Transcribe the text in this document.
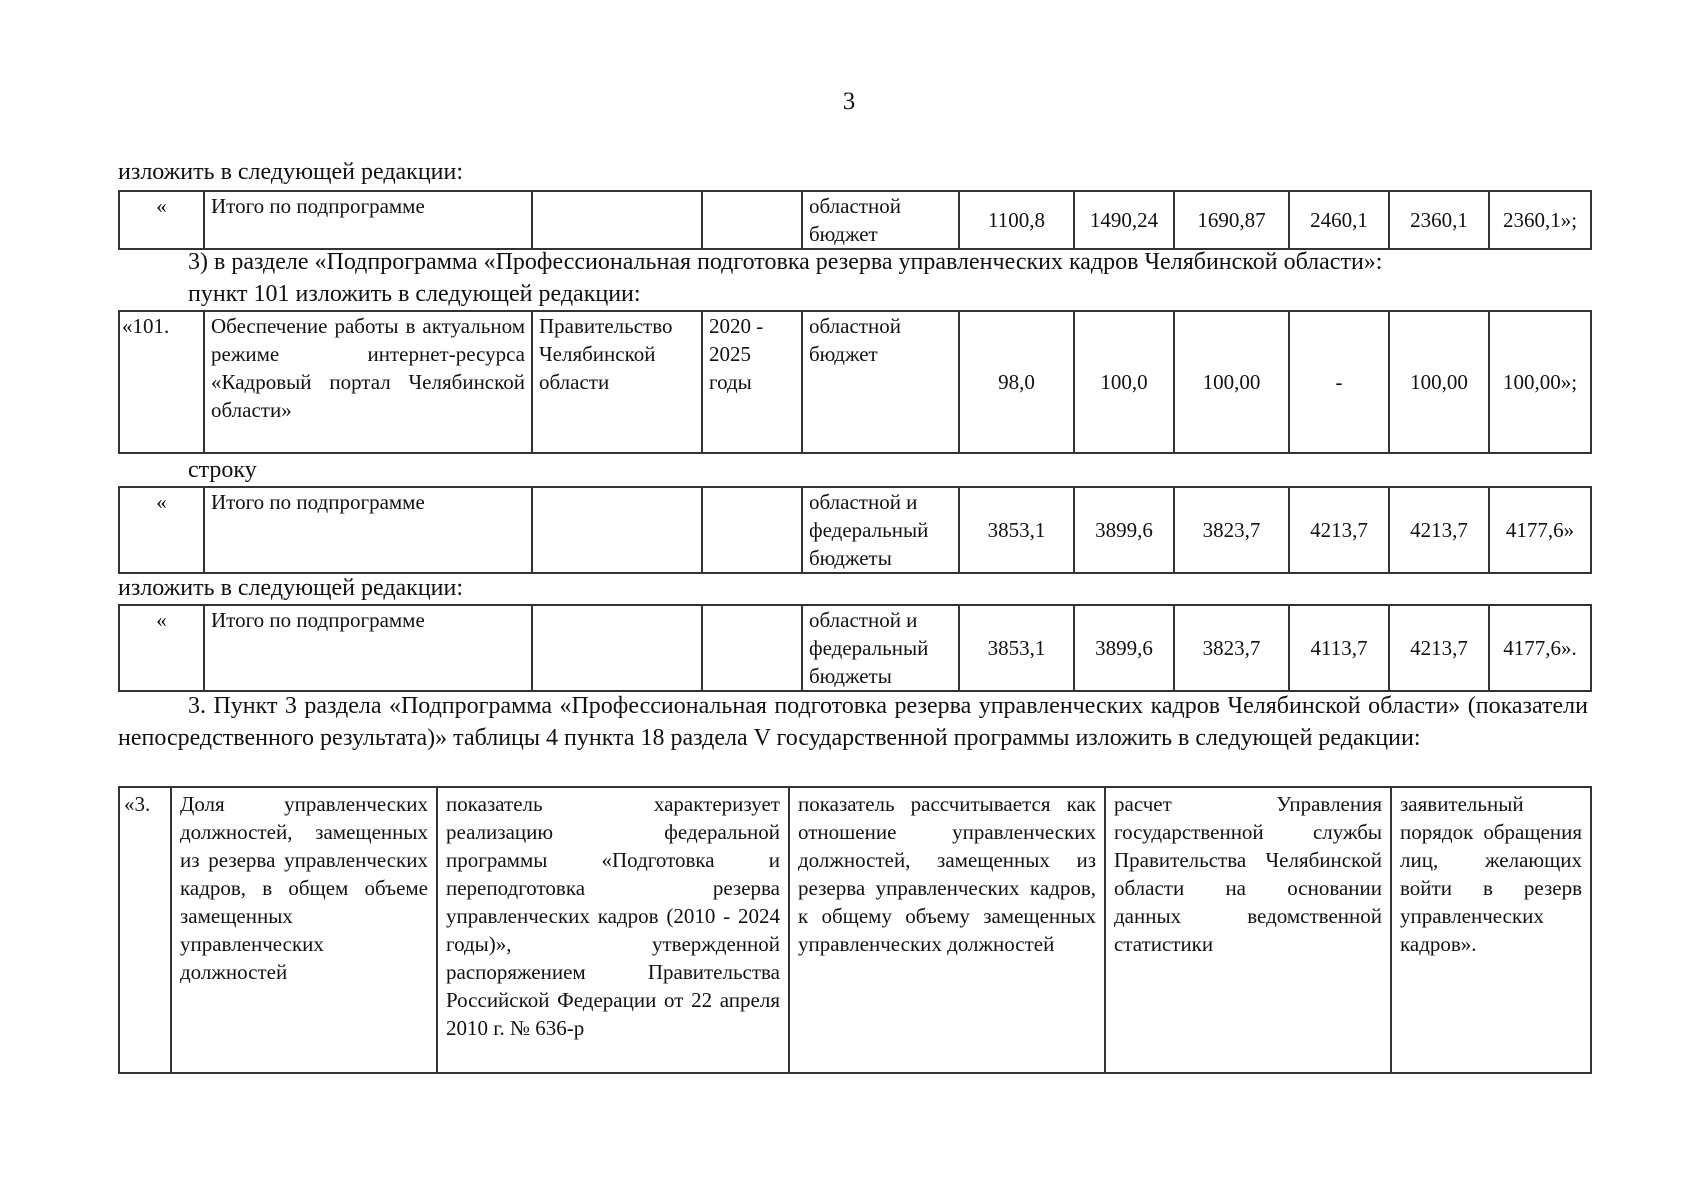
3
изложить в следующей редакции:
«	Итого по подпрограмме			областной бюджет	1100,8	1490,24	1690,87	2460,1	2360,1	2360,1»;
3) в разделе «Подпрограмма «Профессиональная подготовка резерва управленческих кадров Челябинской области»:
пункт 101 изложить в следующей редакции:
«101.	Обеспечение работы в актуальном режиме интернет-ресурса «Кадровый портал Челябинской области»	Правительство Челябинской области	2020 - 2025 годы	областной бюджет	98,0	100,0	100,00	-	100,00	100,00»;
строку
«	Итого по подпрограмме			областной и федеральный бюджеты	3853,1	3899,6	3823,7	4213,7	4213,7	4177,6»
изложить в следующей редакции:
«	Итого по подпрограмме			областной и федеральный бюджеты	3853,1	3899,6	3823,7	4113,7	4213,7	4177,6».
3. Пункт 3 раздела «Подпрограмма «Профессиональная подготовка резерва управленческих кадров Челябинской области» (показатели непосредственного результата)» таблицы 4 пункта 18 раздела V государственной программы изложить в следующей редакции:
«3.	Доля управленческих должностей, замещенных из резерва управленческих кадров, в общем объеме замещенных управленческих должностей	показатель характеризует реализацию федеральной программы «Подготовка и переподготовка резерва управленческих кадров (2010 - 2024 годы)», утвержденной распоряжением Правительства Российской Федерации от 22 апреля 2010 г. № 636-р	показатель рассчитывается как отношение управленческих должностей, замещенных из резерва управленческих кадров, к общему объему замещенных управленческих должностей	расчет Управления государственной службы Правительства Челябинской области на основании данных ведомственной статистики	заявительный порядок обращения лиц, желающих войти в резерв управленческих кадров».
